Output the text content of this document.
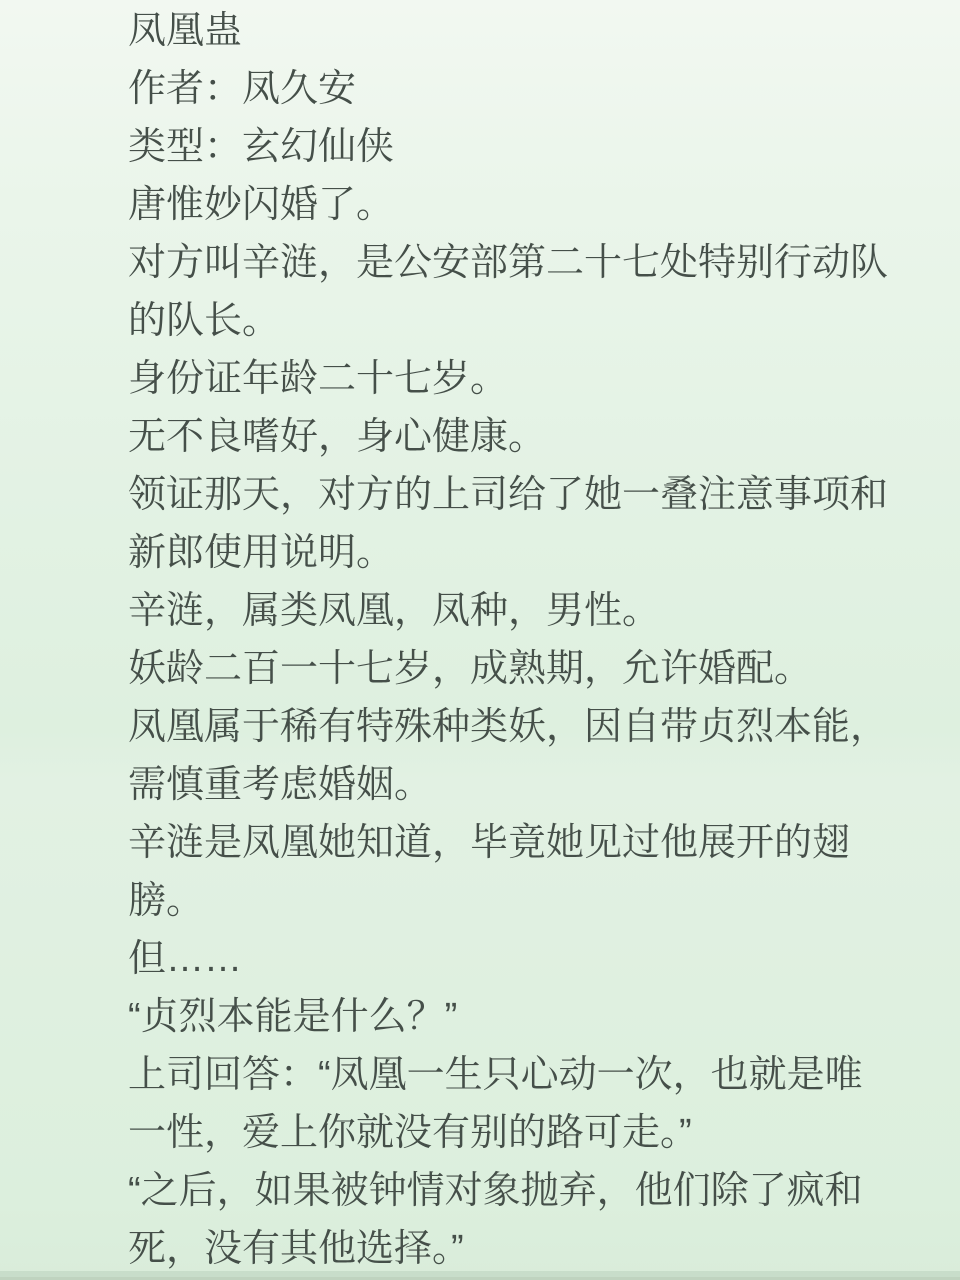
凤凰蛊
作者：凤久安
类型：玄幻仙侠
唐惟妙闪婚了。
对方叫辛涟，是公安部第二十七处特别行动队
的队长。
身份证年龄二十七岁。
无不良嗜好，身心健康。
领证那天，对方的上司给了她一叠注意事项和
新郎使用说明。
辛涟，属类凤凰，凤种，男性。
妖龄二百一十七岁，成熟期，允许婚配。
凤凰属于稀有特殊种类妖，因自带贞烈本能，
需慎重考虑婚姻。
辛涟是凤凰她知道，毕竟她见过他展开的翅
膀。
但……
“贞烈本能是什么？”
上司回答：“凤凰一生只心动一次，也就是唯
一性，爱上你就没有别的路可走。”
“之后，如果被钟情对象抛弃，他们除了疯和
死，没有其他选择。”
